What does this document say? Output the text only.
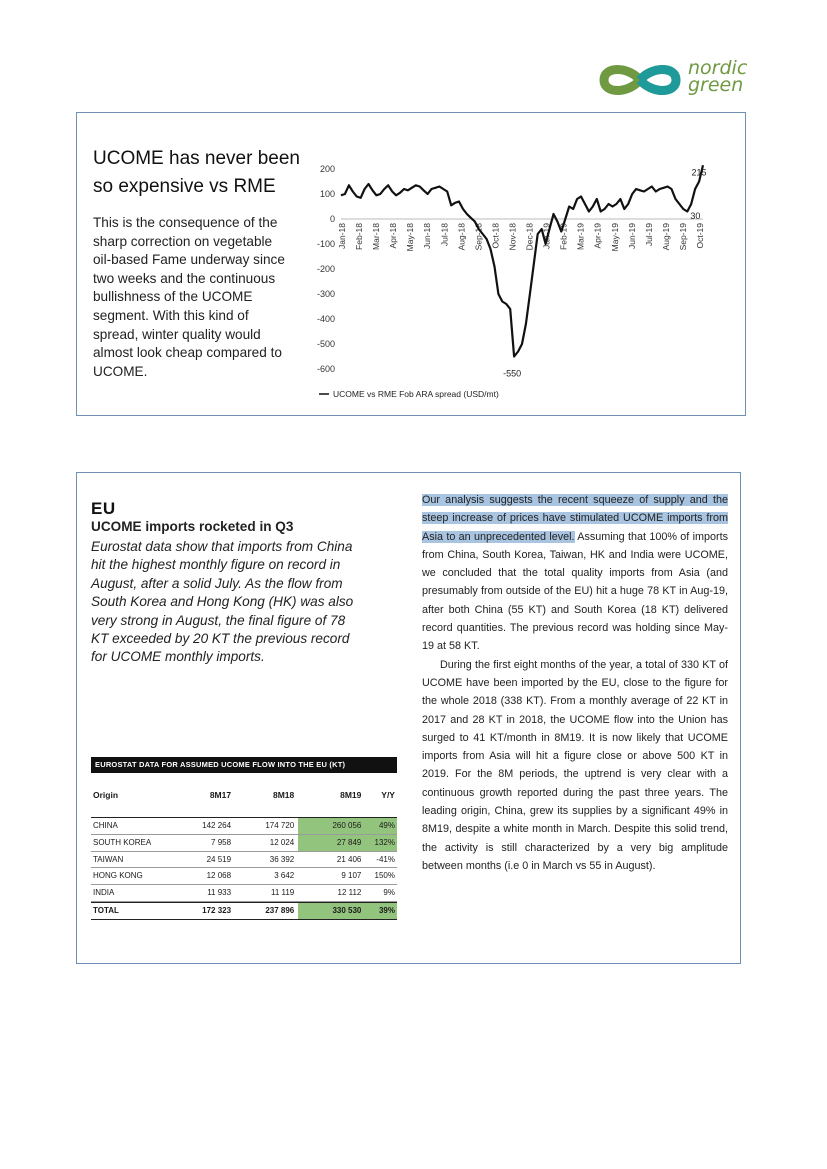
nordic
green
UCOME has never been so expensive vs RME
This is the consequence of the sharp correction on vegetable oil-based Fame underway since two weeks and the continuous bullishness of the UCOME segment. With this kind of spread, winter quality would almost look cheap compared to UCOME.
200
100
0
-100
-200
-300
-400
-500
-600
Jan-18 Feb-18 Mar-18 Apr-18 May-18 Jun-18 Jul-18 Aug-18 Sep-18 Oct-18 Nov-18 Dec-18 Jan-19 Feb-19 Mar-19 Apr-19 May-19 Jun-19 Jul-19 Aug-19 Sep-19 Oct-19
215
-550
30
UCOME vs RME Fob ARA spread (USD/mt)
EU
UCOME imports rocketed in Q3
Eurostat data show that imports from China hit the highest monthly figure on record in August, after a solid July. As the flow from South Korea and Hong Kong (HK) was also very strong in August, the final figure of 78 KT exceeded by 20 KT the previous record for UCOME monthly imports.
EUROSTAT DATA FOR ASSUMED UCOME FLOW INTO THE EU (KT)
Origin	8M17	8M18	8M19	Y/Y
CHINA	142 264	174 720	260 056	49%
SOUTH KOREA	7 958	12 024	27 849	132%
TAIWAN	24 519	36 392	21 406	-41%
HONG KONG	12 068	3 642	9 107	150%
INDIA	11 933	11 119	12 112	9%
TOTAL	172 323	237 896	330 530	39%

Our analysis suggests the recent squeeze of supply and the steep increase of prices have stimulated UCOME imports from Asia to an unprecedented level. Assuming that 100% of imports from China, South Korea, Taiwan, HK and India were UCOME, we concluded that the total quality imports from Asia (and presumably from outside of the EU) hit a huge 78 KT in Aug-19, after both China (55 KT) and South Korea (18 KT) delivered record quantities. The previous record was holding since May-19 at 58 KT.

During the first eight months of the year, a total of 330 KT of UCOME have been imported by the EU, close to the figure for the whole 2018 (338 KT). From a monthly average of 22 KT in 2017 and 28 KT in 2018, the UCOME flow into the Union has surged to 41 KT/month in 8M19. It is now likely that UCOME imports from Asia will hit a figure close or above 500 KT in 2019. For the 8M periods, the uptrend is very clear with a continuous growth reported during the past three years. The leading origin, China, grew its supplies by a significant 49% in 8M19, despite a white month in March. Despite this solid trend, the activity is still characterized by a very big amplitude between months (i.e 0 in March vs 55 in August).
